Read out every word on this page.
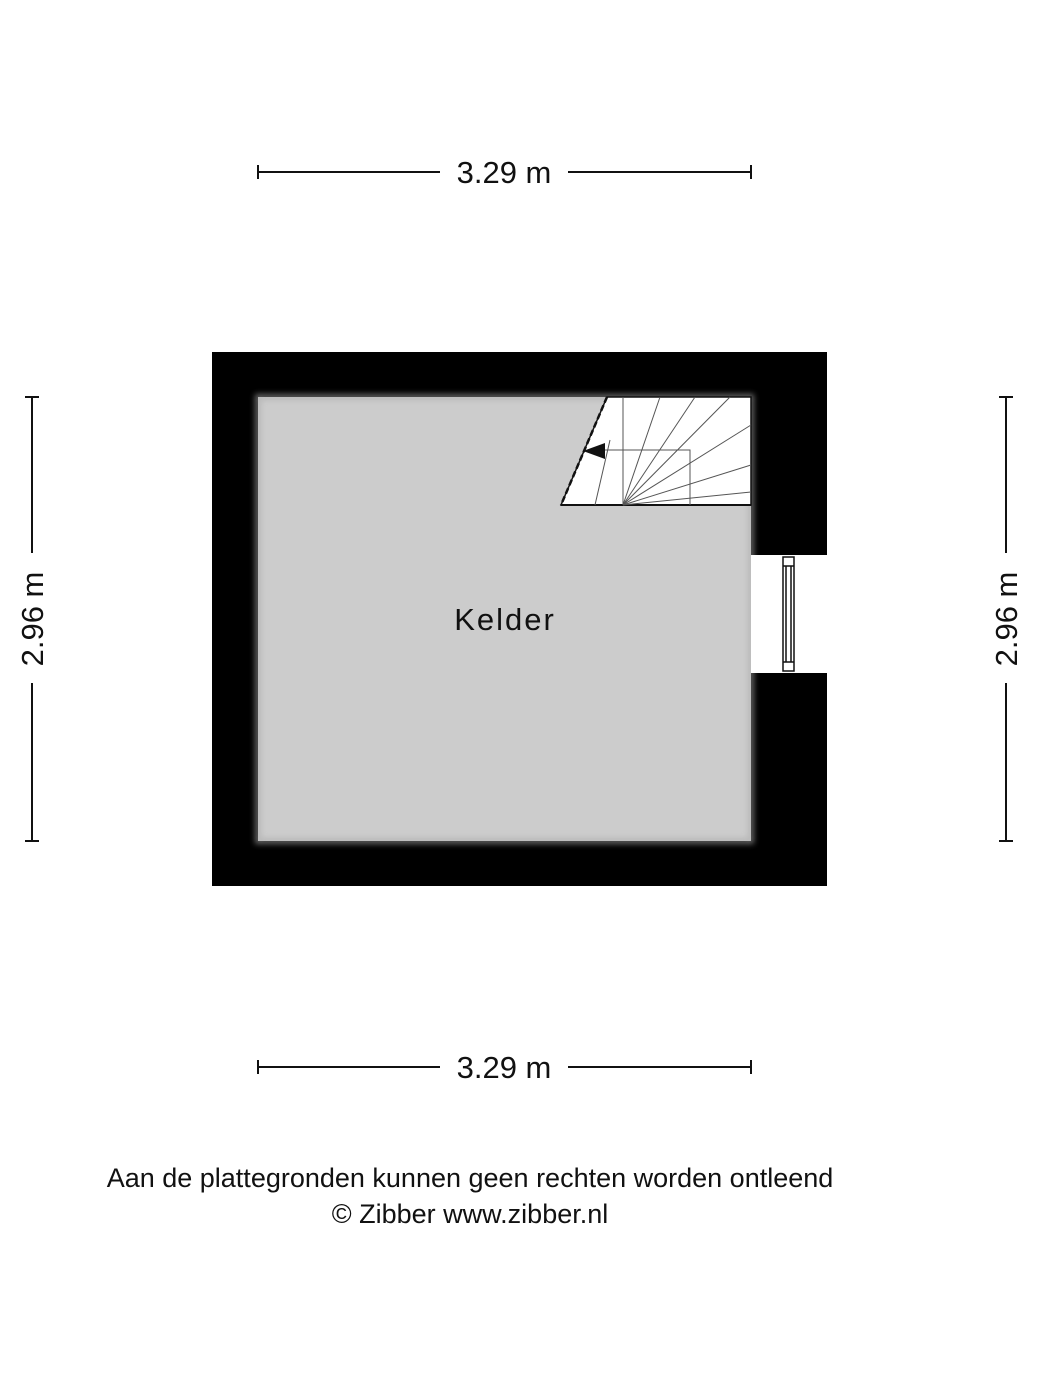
3.29 m
3.29 m
2.96 m	2.96 m
Kelder
Aan de plattegronden kunnen geen rechten worden ontleend
© Zibber www.zibber.nl
